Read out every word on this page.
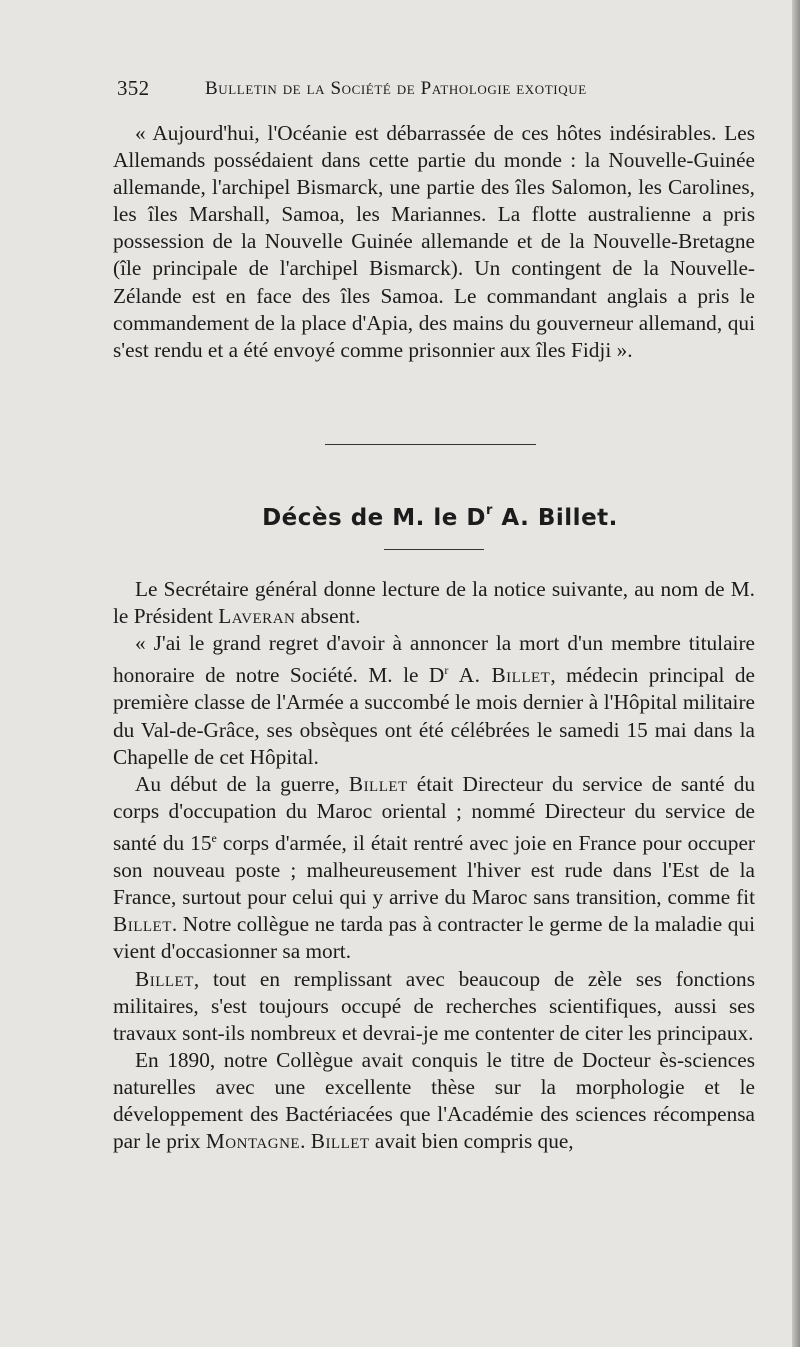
352	Bulletin de la Société de Pathologie exotique

« Aujourd'hui, l'Océanie est débarrassée de ces hôtes indésirables. Les Allemands possédaient dans cette partie du monde : la Nouvelle-Guinée allemande, l'archipel Bismarck, une partie des îles Salomon, les Carolines, les îles Marshall, Samoa, les Mariannes. La flotte australienne a pris possession de la Nouvelle Guinée allemande et de la Nouvelle-Bretagne (île principale de l'archipel Bismarck). Un contingent de la Nouvelle-Zélande est en face des îles Samoa. Le commandant anglais a pris le commandement de la place d'Apia, des mains du gouverneur allemand, qui s'est rendu et a été envoyé comme prisonnier aux îles Fidji ».

Décès de M. le $D^r$ A. Billet.

Le Secrétaire général donne lecture de la notice suivante, au nom de M. le Président Laveran absent.

« J'ai le grand regret d'avoir à annoncer la mort d'un membre titulaire honoraire de notre Société. M. le $D^r$ A. Billet, médecin principal de première classe de l'Armée a succombé le mois dernier à l'Hôpital militaire du Val-de-Grâce, ses obsèques ont été célébrées le samedi 15 mai dans la Chapelle de cet Hôpital.

Au début de la guerre, Billet était Directeur du service de santé du corps d'occupation du Maroc oriental ; nommé Directeur du service de santé du 15e corps d'armée, il était rentré avec joie en France pour occuper son nouveau poste ; malheureusement l'hiver est rude dans l'Est de la France, surtout pour celui qui y arrive du Maroc sans transition, comme fit Billet. Notre collègue ne tarda pas à contracter le germe de la maladie qui vient d'occasionner sa mort.

Billet, tout en remplissant avec beaucoup de zèle ses fonctions militaires, s'est toujours occupé de recherches scientifiques, aussi ses travaux sont-ils nombreux et devrai-je me contenter de citer les principaux.

En 1890, notre Collègue avait conquis le titre de Docteur ès-sciences naturelles avec une excellente thèse sur la morphologie et le développement des Bactériacées que l'Académie des sciences récompensa par le prix Montagne. Billet avait bien compris que,
